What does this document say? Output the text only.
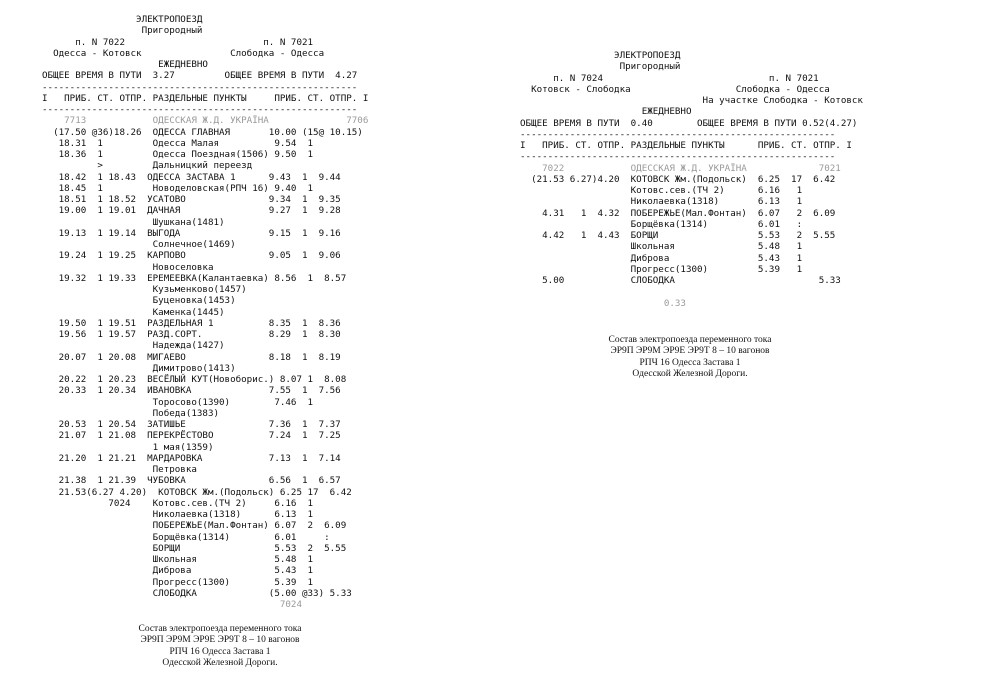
ЭЛЕКТРОПОЕЗД
Пригородный
п. N 7022                         п. N 7021
Одесса - Котовск                Слободка - Одесса
ЕЖЕДНЕВНО
ОБЩЕЕ ВРЕМЯ В ПУТИ  3.27         ОБЩЕЕ ВРЕМЯ В ПУТИ  4.27
---------------------------------------------------------
I   ПРИБ. СТ. ОТПР. РАЗДЕЛЬНЫЕ ПУНКТЫ     ПРИБ. СТ. ОТПР. I
---------------------------------------------------------
7713            ОДЕССКАЯ Ж.Д. УКРАЇНА              7706
(17.50 @36)18.26  ОДЕССА ГЛАВНАЯ       10.00 (15@ 10.15)
18.31  1         Одесса Малая          9.54  1
18.36  1         Одесса Поездная(1506) 9.50  1
>         Дальницкий переезд
18.42  1 18.43  ОДЕССА ЗАСТАВА 1      9.43  1  9.44
18.45  1         Новоделовская(РПЧ 16) 9.40  1
18.51  1 18.52  УСАТОВО               9.34  1  9.35
19.00  1 19.01  ДАЧНАЯ                9.27  1  9.28
Шушкана(1481)
19.13  1 19.14  ВЫГОДА                9.15  1  9.16
Солнечное(1469)
19.24  1 19.25  КАРПОВО               9.05  1  9.06
Новоселовка
19.32  1 19.33  ЕРЕМЕЕВКА(Калантаевка) 8.56  1  8.57
Кузьменково(1457)
Буценовка(1453)
Каменка(1445)
19.50  1 19.51  РАЗДЕЛЬНАЯ 1          8.35  1  8.36
19.56  1 19.57  РАЗД.СОРТ.            8.29  1  8.30
Надежда(1427)
20.07  1 20.08  МИГАЕВО               8.18  1  8.19
Димитрово(1413)
20.22  1 20.23  ВЕСЁЛЫЙ КУТ(Новоборис.) 8.07 1  8.08
20.33  1 20.34  ИВАНОВКА              7.55  1  7.56
Торосово(1390)        7.46  1
Победа(1383)
20.53  1 20.54  ЗАТИШЬЕ               7.36  1  7.37
21.07  1 21.08  ПЕРЕКРЁСТОВО          7.24  1  7.25
1 мая(1359)
21.20  1 21.21  МАРДАРОВКА            7.13  1  7.14
Петровка
21.38  1 21.39  ЧУБОВКА               6.56  1  6.57
21.53(6.27 4.20)  КОТОВСК Жм.(Подольск) 6.25 17  6.42
7024    Котовс.сев.(ТЧ 2)     6.16  1
Николаевка(1318)      6.13  1
ПОБЕРЕЖЬЕ(Мал.Фонтан) 6.07  2  6.09
Борщёвка(1314)        6.01     :
БОРЩИ                 5.53  2  5.55
Школьная              5.48  1
Диброва               5.43  1
Прогресс(1300)        5.39  1
СЛОБОДКА             (5.00 @33) 5.33
7024
Состав электропоезда переменного тока
ЭР9П ЭР9М ЭР9Е ЭР9Т 8 – 10 вагонов
РПЧ 16 Одесса Застава 1
Одесской Железной Дороги.
ЭЛЕКТРОПОЕЗД
Пригородный
п. N 7024                              п. N 7021
Котовск - Слободка                   Слободка - Одесса
На участке Слободка - Котовск
ЕЖЕДНЕВНО
ОБЩЕЕ ВРЕМЯ В ПУТИ  0.40        ОБЩЕЕ ВРЕМЯ В ПУТИ 0.52(4.27)
---------------------------------------------------------
I   ПРИБ. СТ. ОТПР. РАЗДЕЛЬНЫЕ ПУНКТЫ      ПРИБ. СТ. ОТПР. I
---------------------------------------------------------
7022            ОДЕССКАЯ Ж.Д. УКРАЇНА             7021
(21.53 6.27)4.20  КОТОВСК Жм.(Подольск)  6.25  17  6.42
Котовс.сев.(ТЧ 2)      6.16   1
Николаевка(1318)       6.13   1
4.31   1  4.32  ПОБЕРЕЖЬЕ(Мал.Фонтан)  6.07   2  6.09
Борщёвка(1314)         6.01   :
4.42   1  4.43  БОРЩИ                  5.53   2  5.55
Школьная               5.48   1
Диброва                5.43   1
Прогресс(1300)         5.39   1
5.00            СЛОБОДКА                          5.33
0.33
Состав электропоезда переменного тока
ЭР9П ЭР9М ЭР9Е ЭР9Т 8 – 10 вагонов
РПЧ 16 Одесса Застава 1
Одесской Железной Дороги.
